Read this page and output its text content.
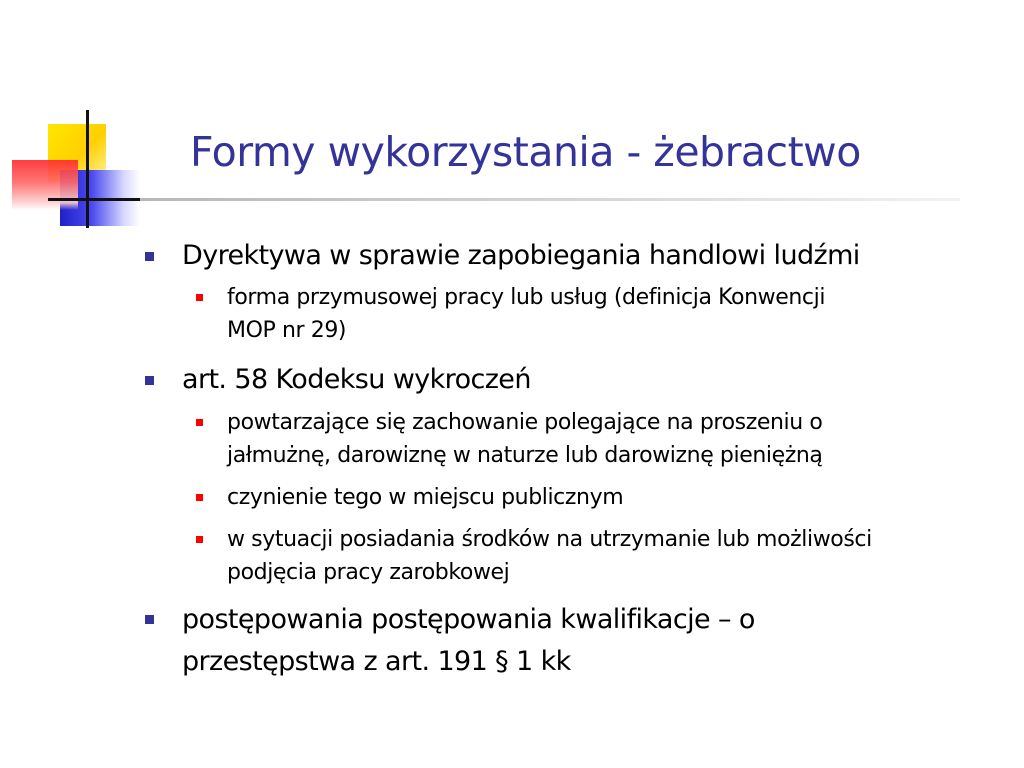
Formy wykorzystania - żebractwo
Dyrektywa w sprawie zapobiegania handlowi ludźmi
forma przymusowej pracy lub usług (definicja Konwencji
MOP nr 29)
art. 58 Kodeksu wykroczeń
powtarzające się zachowanie polegające na proszeniu o
jałmużnę, darowiznę w naturze lub darowiznę pieniężną
czynienie tego w miejscu publicznym
w sytuacji posiadania środków na utrzymanie lub możliwości
podjęcia pracy zarobkowej
postępowania postępowania kwalifikacje – o
przestępstwa z art. 191 § 1 kk
